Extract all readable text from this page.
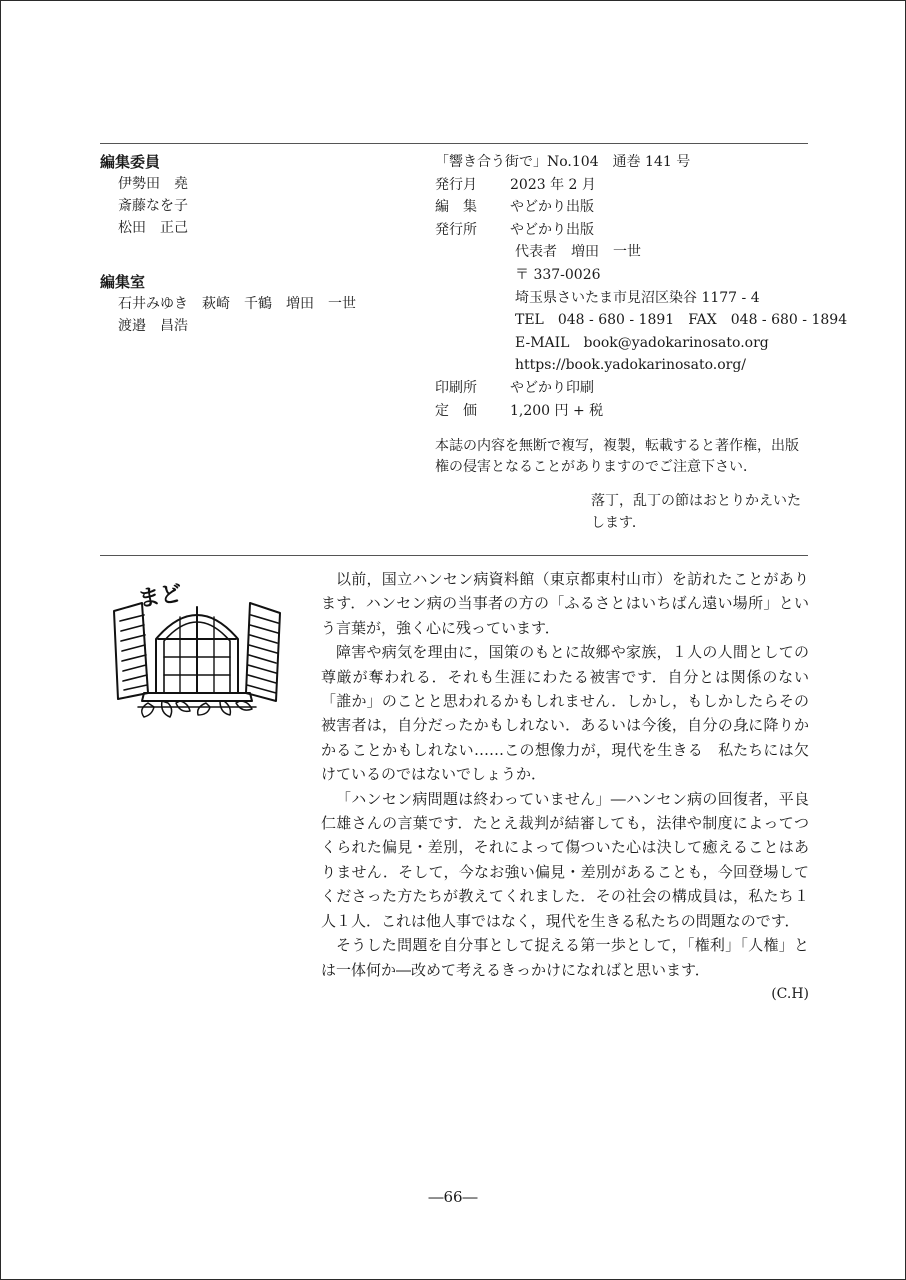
編集委員
伊勢田　堯
斎藤なを子
松田　正己
編集室
石井みゆき　萩崎　千鶴　増田　一世
渡邉　昌浩
「響き合う街で」No.104　通巻 141 号
発行月 2023 年 2 月
編　集 やどかり出版
発行所 やどかり出版
代表者　増田　一世
〒 337-0026
埼玉県さいたま市見沼区染谷 1177 - 4
TEL　048 - 680 - 1891　FAX　048 - 680 - 1894
E-MAIL　book@yadokarinosato.org
https://book.yadokarinosato.org/
印刷所 やどかり印刷
定　価 1,200 円 + 税
本誌の内容を無断で複写，複製，転載すると著作権，出版権の侵害となることがありますのでご注意下さい．
落丁，乱丁の節はおとりかえいたします．
まど

以前，国立ハンセン病資料館（東京都東村山市）を訪れたことがあります．ハンセン病の当事者の方の「ふるさとはいちばん遠い場所」という言葉が，強く心に残っています．

障害や病気を理由に，国策のもとに故郷や家族，１人の人間としての尊厳が奪われる．それも生涯にわたる被害です．自分とは関係のない「誰か」のことと思われるかもしれません．しかし，もしかしたらその被害者は，自分だったかもしれない．あるいは今後，自分の身に降りかかることかもしれない……この想像力が，現代を生きる・・・ 私たちには欠けているのではないでしょうか．

「ハンセン病問題は終わっていません」―ハンセン病の回復者，平良仁雄さんの言葉です．たとえ裁判が結審しても，法律や制度によってつくられた偏見・差別，それによって傷ついた心は決して癒えることはありません．そして，今なお強い偏見・差別があることも，今回登場してくださった方たちが教えてくれました．その社会の構成員は，私たち１人１人．これは他人事ではなく，現代を生きる私たちの問題なのです．

そうした問題を自分事として捉える第一歩として，「権利」「人権」とは一体何か―改めて考えるきっかけになればと思います．

(C.H)
―66―
